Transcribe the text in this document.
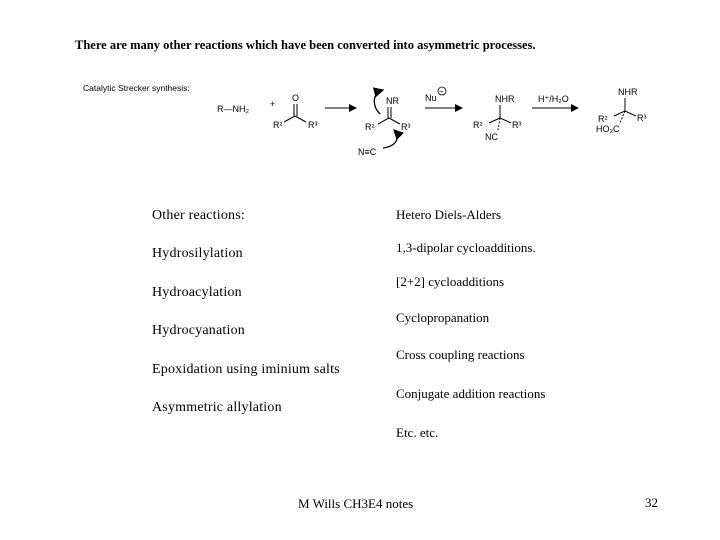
There are many other reactions which have been converted into asymmetric processes.
Catalytic Strecker synthesis:
R—NH₂ +
O
R²	R³
NR
R²	R³
Nu
−
N≡C
NHR
R²	R³
NC
H⁺/H₂O
NHR
R²	R³
HO₂C
Other reactions:
Hydrosilylation
Hydroacylation
Hydrocyanation
Epoxidation using iminium salts
Asymmetric allylation
Hetero Diels-Alders
1,3-dipolar cycloadditions.
[2+2] cycloadditions
Cyclopropanation
Cross coupling reactions
Conjugate addition reactions
Etc. etc.
M Wills CH3E4 notes	32
